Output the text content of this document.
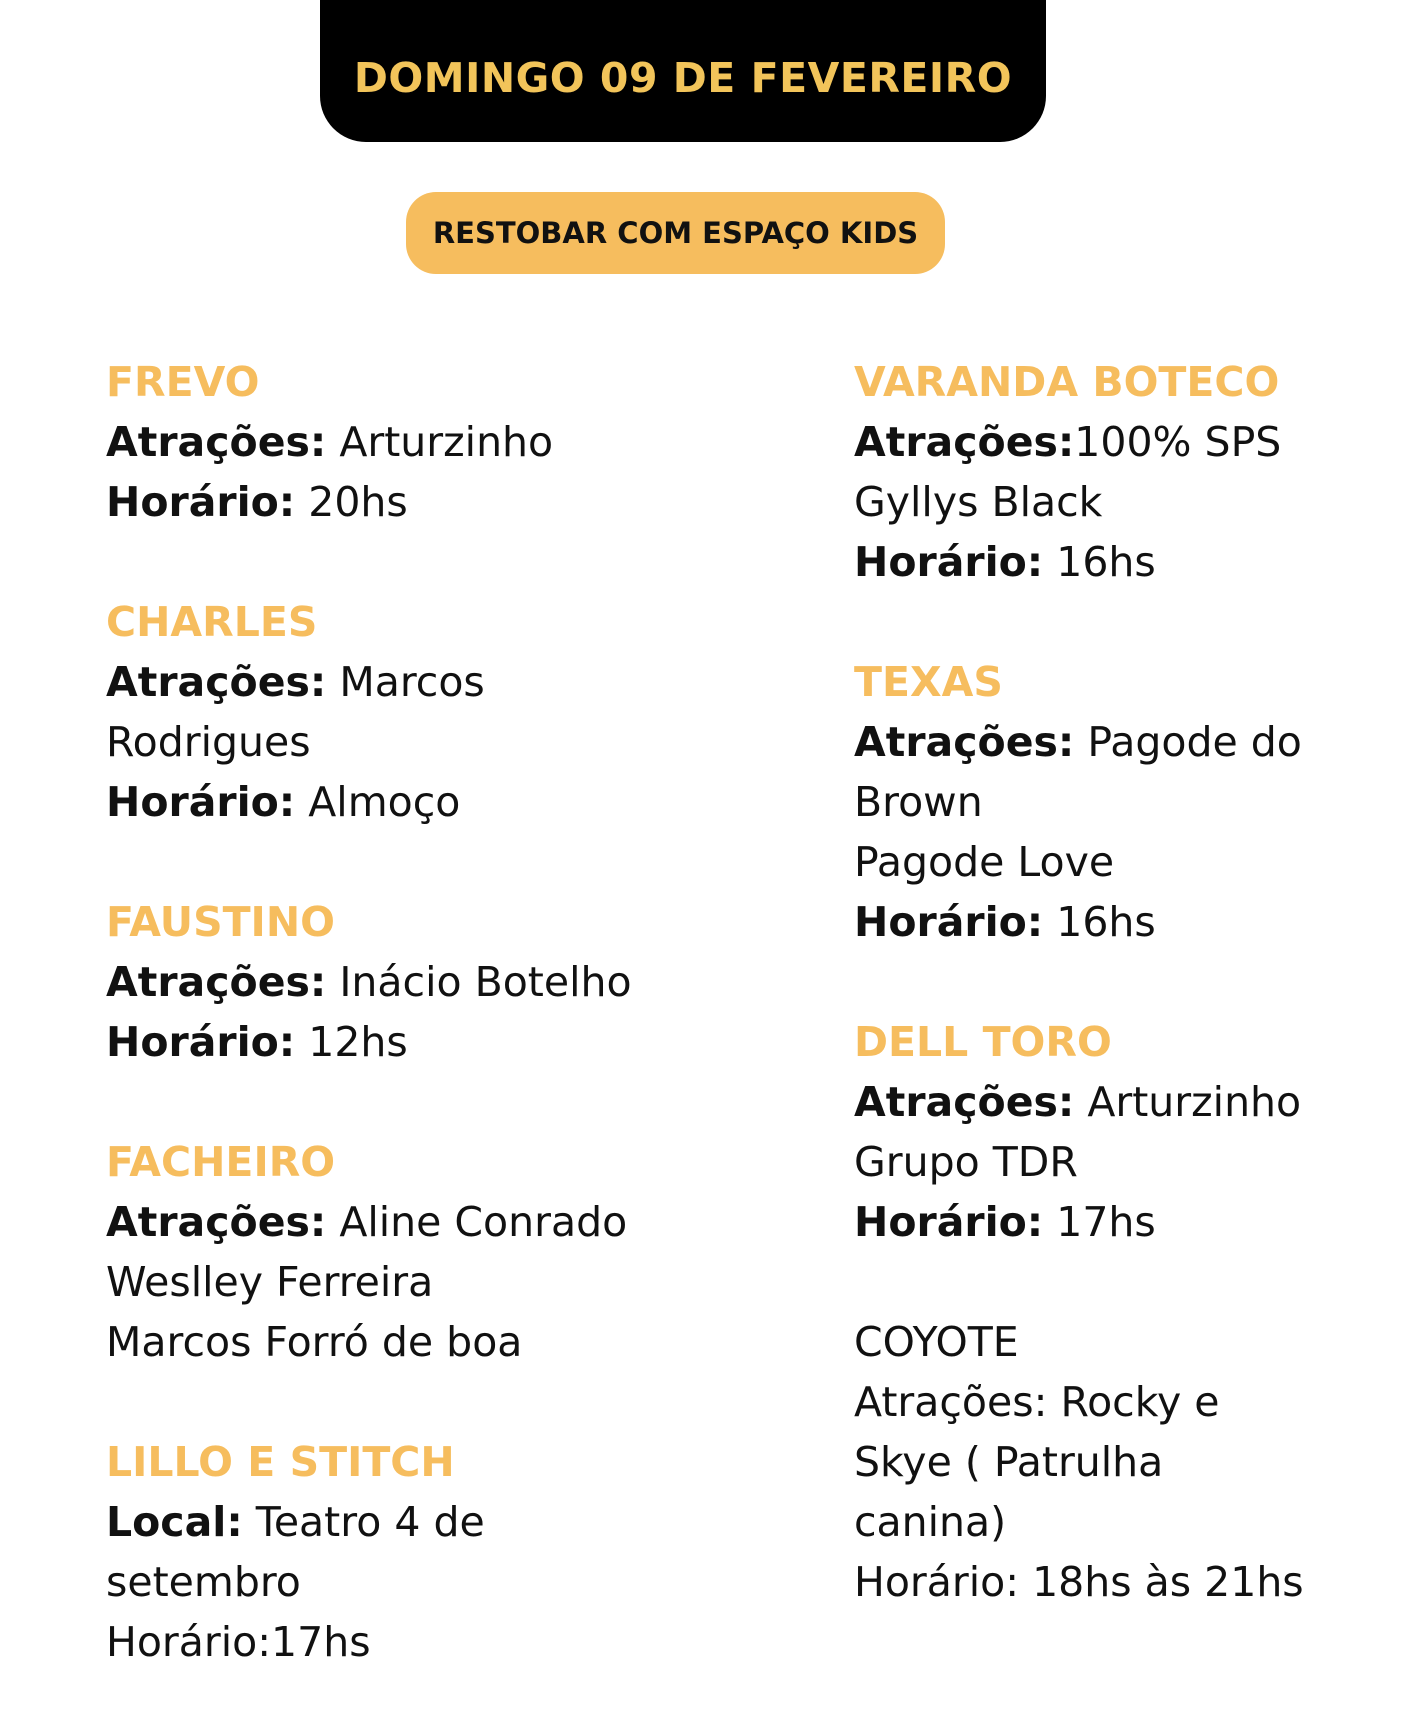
DOMINGO 09 DE FEVEREIRO
RESTOBAR COM ESPAÇO KIDS

FREVO

Atrações: Arturzinho

Horário: 20hs

CHARLES

Atrações: Marcos

Rodrigues

Horário: Almoço

FAUSTINO

Atrações: Inácio Botelho

Horário: 12hs

FACHEIRO

Atrações: Aline Conrado

Weslley Ferreira

Marcos Forró de boa

LILLO E STITCH

Local: Teatro 4 de

setembro

Horário:17hs

VARANDA BOTECO

Atrações:100% SPS

Gyllys Black

Horário: 16hs

TEXAS

Atrações: Pagode do

Brown

Pagode Love

Horário: 16hs

DELL TORO

Atrações: Arturzinho

Grupo TDR

Horário: 17hs

COYOTE

Atrações: Rocky e

Skye ( Patrulha

canina)

Horário: 18hs às 21hs
